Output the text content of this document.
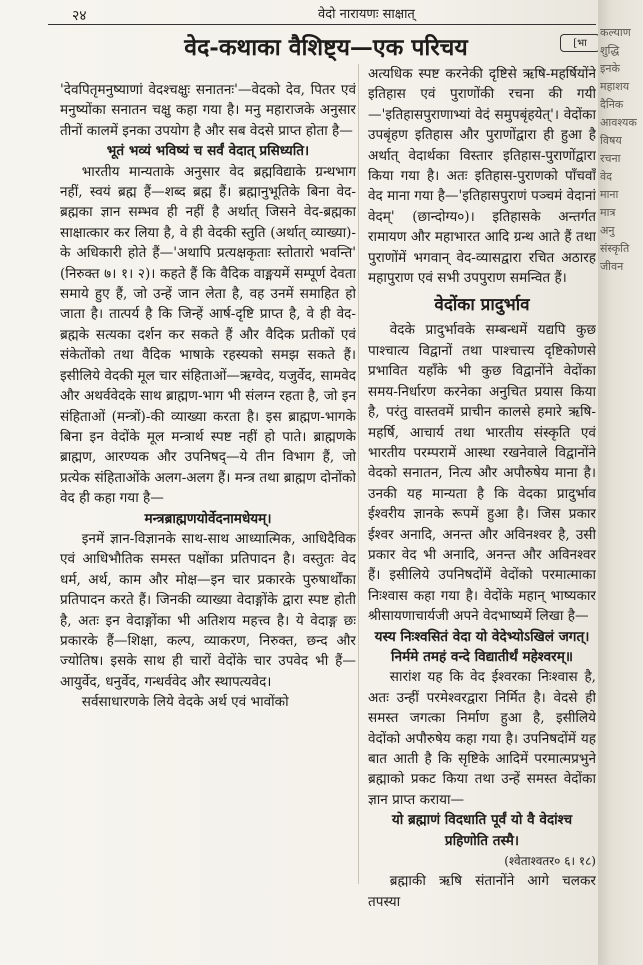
२४	वेदो नारायणः साक्षात्
वेद-कथाका वैशिष्ट्य—एक परिचय	[भा

'देवपितृमनुष्याणां वेदश्चक्षुः सनातनः'—वेदको देव, पितर एवं मनुष्योंका सनातन चक्षु कहा गया है। मनु महाराजके अनुसार तीनों कालमें इनका उपयोग है और सब वेदसे प्राप्त होता है—

भूतं भव्यं भविष्यं च सर्वं वेदात् प्रसिध्यति।

भारतीय मान्यताके अनुसार वेद ब्रह्मविद्याके ग्रन्थभाग नहीं, स्वयं ब्रह्म हैं—शब्द ब्रह्म हैं। ब्रह्मानुभूतिके बिना वेद-ब्रह्मका ज्ञान सम्भव ही नहीं है अर्थात् जिसने वेद-ब्रह्मका साक्षात्कार कर लिया है, वे ही वेदकी स्तुति (अर्थात् व्याख्या)-के अधिकारी होते हैं—'अथापि प्रत्यक्षकृताः स्तोतारो भवन्ति' (निरुक्त ७। १। २)। कहते हैं कि वैदिक वाङ्मयमें सम्पूर्ण देवता समाये हुए हैं, जो उन्हें जान लेता है, वह उनमें समाहित हो जाता है। तात्पर्य है कि जिन्हें आर्ष-दृष्टि प्राप्त है, वे ही वेद-ब्रह्मके सत्यका दर्शन कर सकते हैं और वैदिक प्रतीकों एवं संकेतोंको तथा वैदिक भाषाके रहस्यको समझ सकते हैं। इसीलिये वेदकी मूल चार संहिताओं—ऋग्वेद, यजुर्वेद, सामवेद और अथर्ववेदके साथ ब्राह्मण-भाग भी संलग्न रहता है, जो इन संहिताओं (मन्त्रों)-की व्याख्या करता है। इस ब्राह्मण-भागके बिना इन वेदोंके मूल मन्त्रार्थ स्पष्ट नहीं हो पाते। ब्राह्मणके ब्राह्मण, आरण्यक और उपनिषद्—ये तीन विभाग हैं, जो प्रत्येक संहिताओंके अलग-अलग हैं। मन्त्र तथा ब्राह्मण दोनोंको वेद ही कहा गया है—

मन्त्रब्राह्मणयोर्वेदनामधेयम्।

इनमें ज्ञान-विज्ञानके साथ-साथ आध्यात्मिक, आधिदैविक एवं आधिभौतिक समस्त पक्षोंका प्रतिपादन है। वस्तुतः वेद धर्म, अर्थ, काम और मोक्ष—इन चार प्रकारके पुरुषार्थोंका प्रतिपादन करते हैं। जिनकी व्याख्या वेदाङ्गोंके द्वारा स्पष्ट होती है, अतः इन वेदाङ्गोंका भी अतिशय महत्त्व है। ये वेदाङ्ग छः प्रकारके हैं—शिक्षा, कल्प, व्याकरण, निरुक्त, छन्द और ज्योतिष। इसके साथ ही चारों वेदोंके चार उपवेद भी हैं—आयुर्वेद, धनुर्वेद, गन्धर्ववेद और स्थापत्यवेद।

सर्वसाधारणके लिये वेदके अर्थ एवं भावोंको

अत्यधिक स्पष्ट करनेकी दृष्टिसे ऋषि-महर्षियोंने इतिहास एवं पुराणोंकी रचना की गयी—'इतिहासपुराणाभ्यां वेदं समुपबृंहयेत्'। वेदोंका उपबृंहण इतिहास और पुराणोंद्वारा ही हुआ है अर्थात् वेदार्थका विस्तार इतिहास-पुराणोंद्वारा किया गया है। अतः इतिहास-पुराणको पाँचवाँ वेद माना गया है—'इतिहासपुराणं पञ्चमं वेदानां वेदम्' (छान्दोग्य०)। इतिहासके अन्तर्गत रामायण और महाभारत आदि ग्रन्थ आते हैं तथा पुराणोंमें भगवान् वेद-व्यासद्वारा रचित अठारह महापुराण एवं सभी उपपुराण समन्वित हैं।

वेदोंका प्रादुर्भाव

वेदके प्रादुर्भावके सम्बन्धमें यद्यपि कुछ पाश्चात्य विद्वानों तथा पाश्चात्त्य दृष्टिकोणसे प्रभावित यहाँके भी कुछ विद्वानोंने वेदोंका समय-निर्धारण करनेका अनुचित प्रयास किया है, परंतु वास्तवमें प्राचीन कालसे हमारे ऋषि-महर्षि, आचार्य तथा भारतीय संस्कृति एवं भारतीय परम्परामें आस्था रखनेवाले विद्वानोंने वेदको सनातन, नित्य और अपौरुषेय माना है। उनकी यह मान्यता है कि वेदका प्रादुर्भाव ईश्वरीय ज्ञानके रूपमें हुआ है। जिस प्रकार ईश्वर अनादि, अनन्त और अविनश्वर है, उसी प्रकार वेद भी अनादि, अनन्त और अविनश्वर हैं। इसीलिये उपनिषदोंमें वेदोंको परमात्माका निःश्वास कहा गया है। वेदोंके महान् भाष्यकार श्रीसायणाचार्यजी अपने वेदभाष्यमें लिखा है—

यस्य निःश्वसितं वेदा यो वेदेभ्योऽखिलं जगत्।

निर्ममे तमहं वन्दे विद्यातीर्थं महेश्वरम्॥

सारांश यह कि वेद ईश्वरका निःश्वास है, अतः उन्हीं परमेश्वरद्वारा निर्मित है। वेदसे ही समस्त जगत्का निर्माण हुआ है, इसीलिये वेदोंको अपौरुषेय कहा गया है। उपनिषदोंमें यह बात आती है कि सृष्टिके आदिमें परमात्मप्रभुने ब्रह्माको प्रकट किया तथा उन्हें समस्त वेदोंका ज्ञान प्राप्त कराया—

यो ब्रह्माणं विदधाति पूर्वं यो वै वेदांश्च प्रहिणोति तस्मै।

(श्वेताश्वतर० ६। १८)

ब्रह्माकी ऋषि संतानोंने आगे चलकर तपस्या

कल्याण
शुद्धि
इनके
महाशय
दैनिक
आवश्यक
विषय
रचना
वेद
माना
मात्र
अनु
संस्कृति
जीवन
